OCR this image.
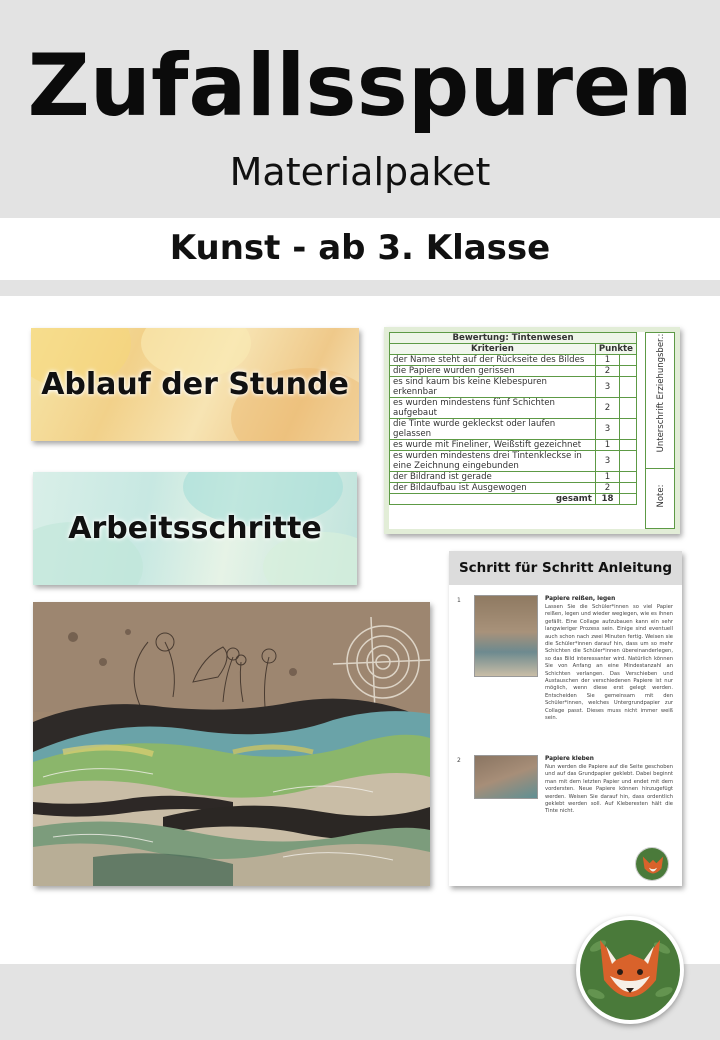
Zufallsspuren
Materialpaket
Kunst - ab 3. Klasse
Ablauf der Stunde
Arbeitsschritte
Bewertung: Tintenwesen		
Kriterien	Punkte	
der Name steht auf der Rückseite des Bildes	1	
die Papiere wurden gerissen	2	
es sind kaum bis keine Klebespuren erkennbar	3	
es wurden mindestens fünf Schichten aufgebaut	2	
die Tinte wurde gekleckst oder laufen gelassen	3	
es wurde mit Fineliner, Weißstift gezeichnet	1	
es wurden mindestens drei Tintenkleckse in eine Zeichnung eingebunden	3	
der Bildrand ist gerade	1	
der Bildaufbau ist Ausgewogen	2	
gesamt	18	
Unterschrift Erziehungsber.:
Note:
Schritt für Schritt Anleitung
1	Papiere reißen, legen
Lassen Sie die Schüler*innen so viel Papier reißen, legen und wieder wegiegen, wie es ihnen gefällt. Eine Collage aufzubauen kann ein sehr langwieriger Prozess sein. Einige sind eventuell auch schon nach zwei Minuten fertig. Weisen sie die Schüler*innen darauf hin, dass um so mehr Schichten die Schüler*innen übereinanderlegen, so das Bild interessanter wird. Natürlich können Sie von Anfang an eine Mindestanzahl an Schichten verlangen. Das Verschieben und Austauschen der verschiedenen Papiere ist nur möglich, wenn diese erst gelegt werden. Entscheiden Sie gemeinsam mit den Schüler*innen, welches Untergrundpapier zur Collage passt. Dieses muss nicht immer weiß sein.
2	Papiere kleben
Nun werden die Papiere auf die Seite geschoben und auf das Grundpapier geklebt. Dabei beginnt man mit dem letzten Papier und endet mit dem vordersten. Neue Papiere können hinzugefügt werden. Weisen Sie darauf hin, dass ordentlich geklebt werden soll. Auf Kleberesten hält die Tinte nicht.
